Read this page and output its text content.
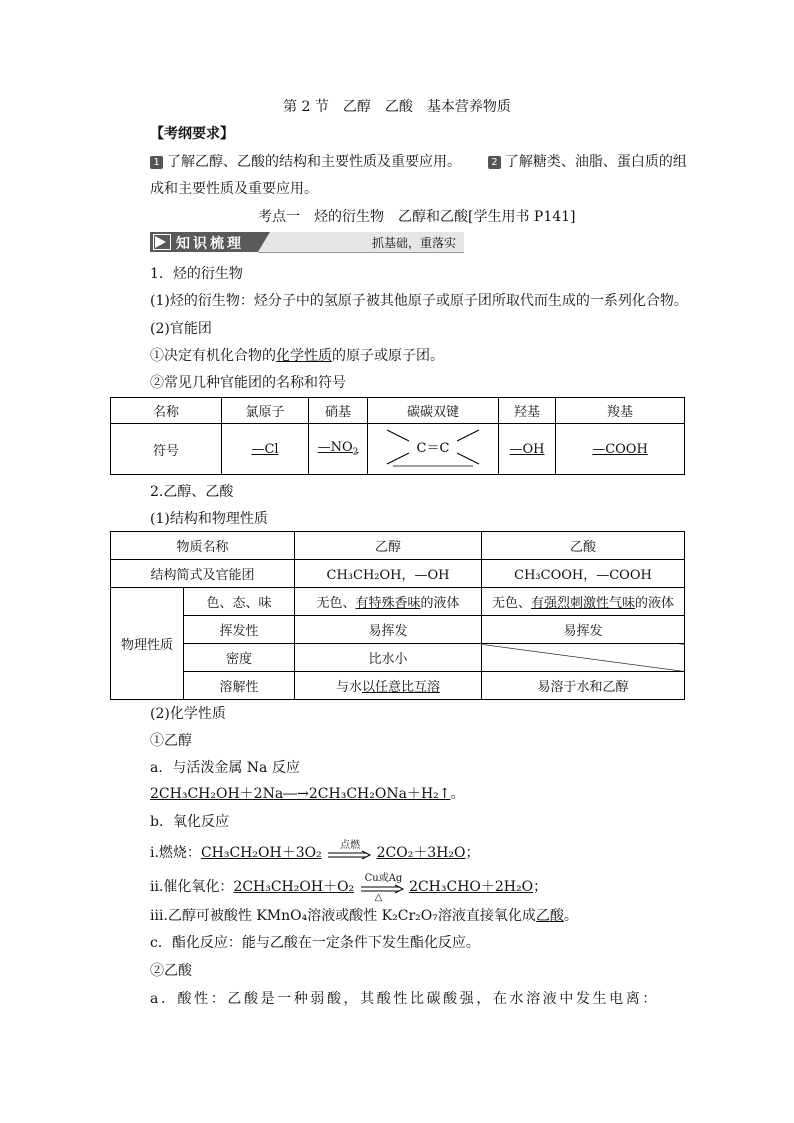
第 2 节　乙醇　乙酸　基本营养物质
【考纲要求】
1 了解乙醇、乙酸的结构和主要性质及重要应用。	2 了解糖类、油脂、蛋白质的组
成和主要性质及重要应用。
考点一　烃的衍生物　乙醇和乙酸[学生用书 P141]
知识梳理	抓基础，重落实
1．烃的衍生物
(1)烃的衍生物：烃分子中的氢原子被其他原子或原子团所取代而生成的一系列化合物。
(2)官能团
①决定有机化合物的化学性质的原子或原子团。
②常见几种官能团的名称和符号
名称	氯原子	硝基	碳碳双键	羟基	羧基
符号	—Cl	$—NO_2$	C＝C	—OH	—COOH
2.乙醇、乙酸
(1)结构和物理性质
物质名称		乙醇	乙酸
结构简式及官能团		CH₃CH₂OH，—OH	CH₃COOH，—COOH
物理性质	色、态、味	无色、有特殊香味的液体	无色、有强烈刺激性气味的液体
	挥发性	易挥发	易挥发
	密度	比水小	
	溶解性	与水以任意比互溶	易溶于水和乙醇
(2)化学性质
①乙醇
a．与活泼金属 Na 反应
2CH₃CH₂OH＋2Na―→2CH₃CH₂ONa＋H₂↑。
b．氧化反应
ⅰ.燃烧：CH₃CH₂OH＋3O₂ 点燃 2CO₂＋3H₂O；
ⅱ.催化氧化：2CH₃CH₂OH＋O₂
Cu或Ag
△
2CH₃CHO＋2H₂O；
ⅲ.乙醇可被酸性 KMnO₄溶液或酸性 K₂Cr₂O₇溶液直接氧化成乙酸。
c．酯化反应：能与乙酸在一定条件下发生酯化反应。
②乙酸
a．酸性：乙酸是一种弱酸，其酸性比碳酸强，在水溶液中发生电离：
